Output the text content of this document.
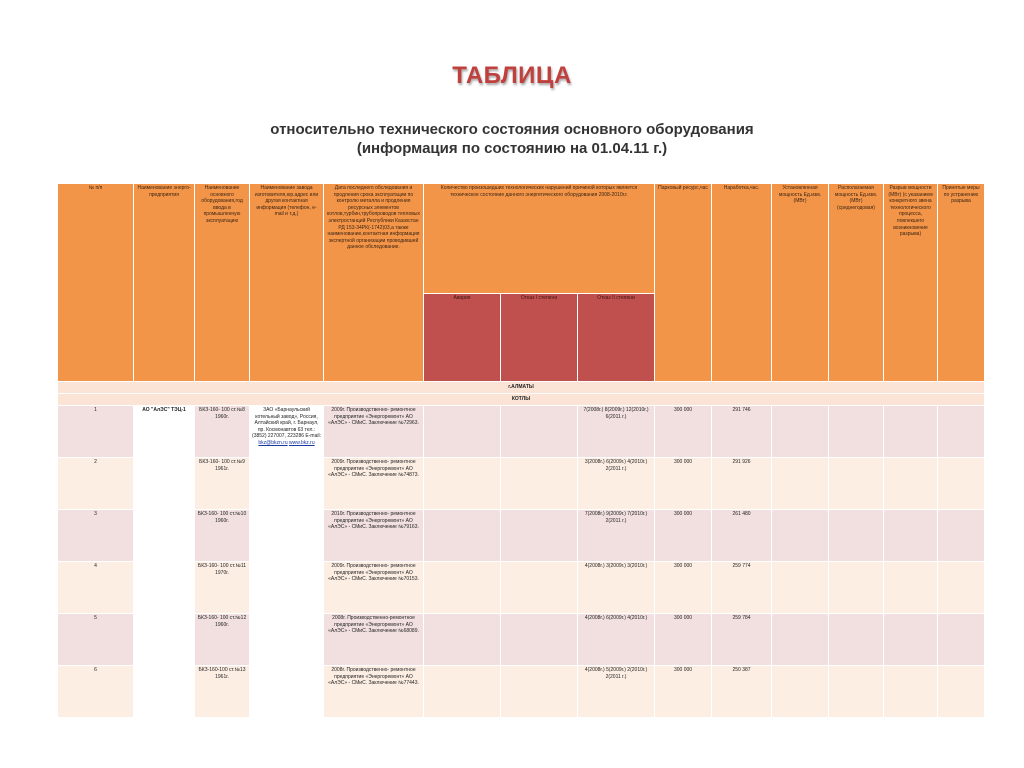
ТАБЛИЦА
относительно технического состояния основного оборудования
(информация по состоянию на 01.04.11 г.)
№ п/п	Наименование энерго-предприятия	Наименование основного оборудования,год ввода в промышленную эксплуатацию	Наименование завода изготовителя,юр.адрес или другая контактная информация (телефон, e-mail и т.д.)	Дата последнего обследования и продления срока эксплуатации по контролю металла и продления ресурсных элементов котлов,турбин,трубопроводов тепловых электростанций Республики Казахстан РД 153-34РК(-1742)03,а также наименование,контактная информация экспертной организации проводившей данное обследование.	Количество произошедших технологических нарушений причиной которых является техническое состояние данного энергетического оборудования 2008-2010г.г.			Парковый ресурс,час	Наработка,час.	Установленная мощность Ед.изм.(МВт)	Располагаемая мощность Ед.изм.(МВт) (среднегодовая)	Разрыв мощности (МВт) (с указанием конкретного звена технологического процесса, повлекшего возникновение разрыва)	Принятые меры по устранению разрыва
					Авария	Отказ I степени	Отказ II степени						
г.АЛМАТЫ													
КОТЛЫ													
1	АО "АлЭС" ТЭЦ-1	БКЗ-160- 100 ст.№8 1960г.	ЗАО «Барнаульский котельный завод», Россия, Алтайский край, г. Барнаул, пр. Космонавтов 63 тел.: (3852) 227007, 223286 E-mail: bkz@bkzn.ru www.bkz.ru	2009г. Производственно- ремонтное предприятие «Энергоремонт» АО «АлЭС» - СМиС. Заключение №72963.			7(2008г.) 8(2009г.) 12(2010г.) 6(2011 г.)	300 000	291 746				
2		БКЗ-160- 100 ст.№9 1961г.		2009г. Производственно- ремонтное предприятие «Энергоремонт» АО «АлЭС» - СМиС. Заключение №74873.			3(2008г.) 6(2009г.) 4(2010г.) 2(2011 г.)	300 000	291 926				
3		БКЗ-160- 100 ст.№10 1960г.		2010г. Производственно- ремонтное предприятие «Энергоремонт» АО «АлЭС» - СМиС. Заключение №79163.			7(2008г.) 9(2009г.) 7(2010г.) 2(2011 г.)	300 000	261 480				
4		БКЗ-160- 100 ст.№11 1970г.		2009г. Производственно- ремонтное предприятие «Энергоремонт» АО «АлЭС» - СМиС. Заключение №70153.			4(2008г.) 3(2009г.) 3(2010г.)	300 000	259 774				
5		БКЗ-160- 100 ст.№12 1960г.		2008г. Производственно-ремонтное предприятие «Энергоремонт» АО «АлЭС» - СМиС. Заключение №68089.			4(2008г.) 6(2009г.) 4(2010г.)	300 000	259 784				
6		БКЗ-160-100 ст.№13 1961г.		2008г. Производственно- ремонтное предприятие «Энергоремонт» АО «АлЭС» - СМиС. Заключение №77443.			4(2008г.) 5(2009г.) 2(2010г.) 2(2011 г.)	300 000	250 387				
